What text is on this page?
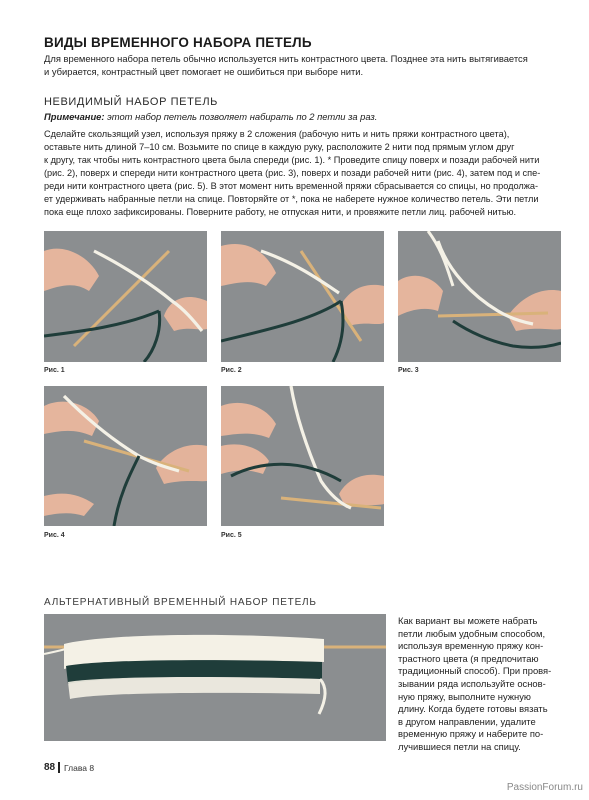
ВИДЫ ВРЕМЕННОГО НАБОРА ПЕТЕЛЬ
Для временного набора петель обычно используется нить контрастного цвета. Позднее эта нить вытягивается
и убирается, контрастный цвет помогает не ошибиться при выборе нити.
НЕВИДИМЫЙ НАБОР ПЕТЕЛЬ
Примечание: этот набор петель позволяет набирать по 2 петли за раз.
Сделайте скользящий узел, используя пряжу в 2 сложения (рабочую нить и нить пряжи контрастного цвета),
оставьте нить длиной 7–10 см. Возьмите по спице в каждую руку, расположите 2 нити под прямым углом друг
к другу, так чтобы нить контрастного цвета была спереди (рис. 1). * Проведите спицу поверх и позади рабочей нити
(рис. 2), поверх и спереди нити контрастного цвета (рис. 3), поверх и позади рабочей нити (рис. 4), затем под и спе-
реди нити контрастного цвета (рис. 5). В этот момент нить временной пряжи сбрасывается со спицы, но продолжа-
ет удерживать набранные петли на спице. Повторяйте от *, пока не наберете нужное количество петель. Эти петли
пока еще плохо зафиксированы. Поверните работу, не отпуская нити, и провяжите петли лиц. рабочей нитью.
Рис. 1	Рис. 2	Рис. 3
Рис. 4	Рис. 5
АЛЬТЕРНАТИВНЫЙ ВРЕМЕННЫЙ НАБОР ПЕТЕЛЬ
Как вариант вы можете набрать
петли любым удобным способом,
используя временную пряжу кон-
трастного цвета (я предпочитаю
традиционный способ). При провя-
зывании ряда используйте основ-
ную пряжу, выполните нужную
длину. Когда будете готовы вязать
в другом направлении, удалите
временную пряжу и наберите по-
лучившиеся петли на спицу.
88 Глава 8
PassionForum.ru
